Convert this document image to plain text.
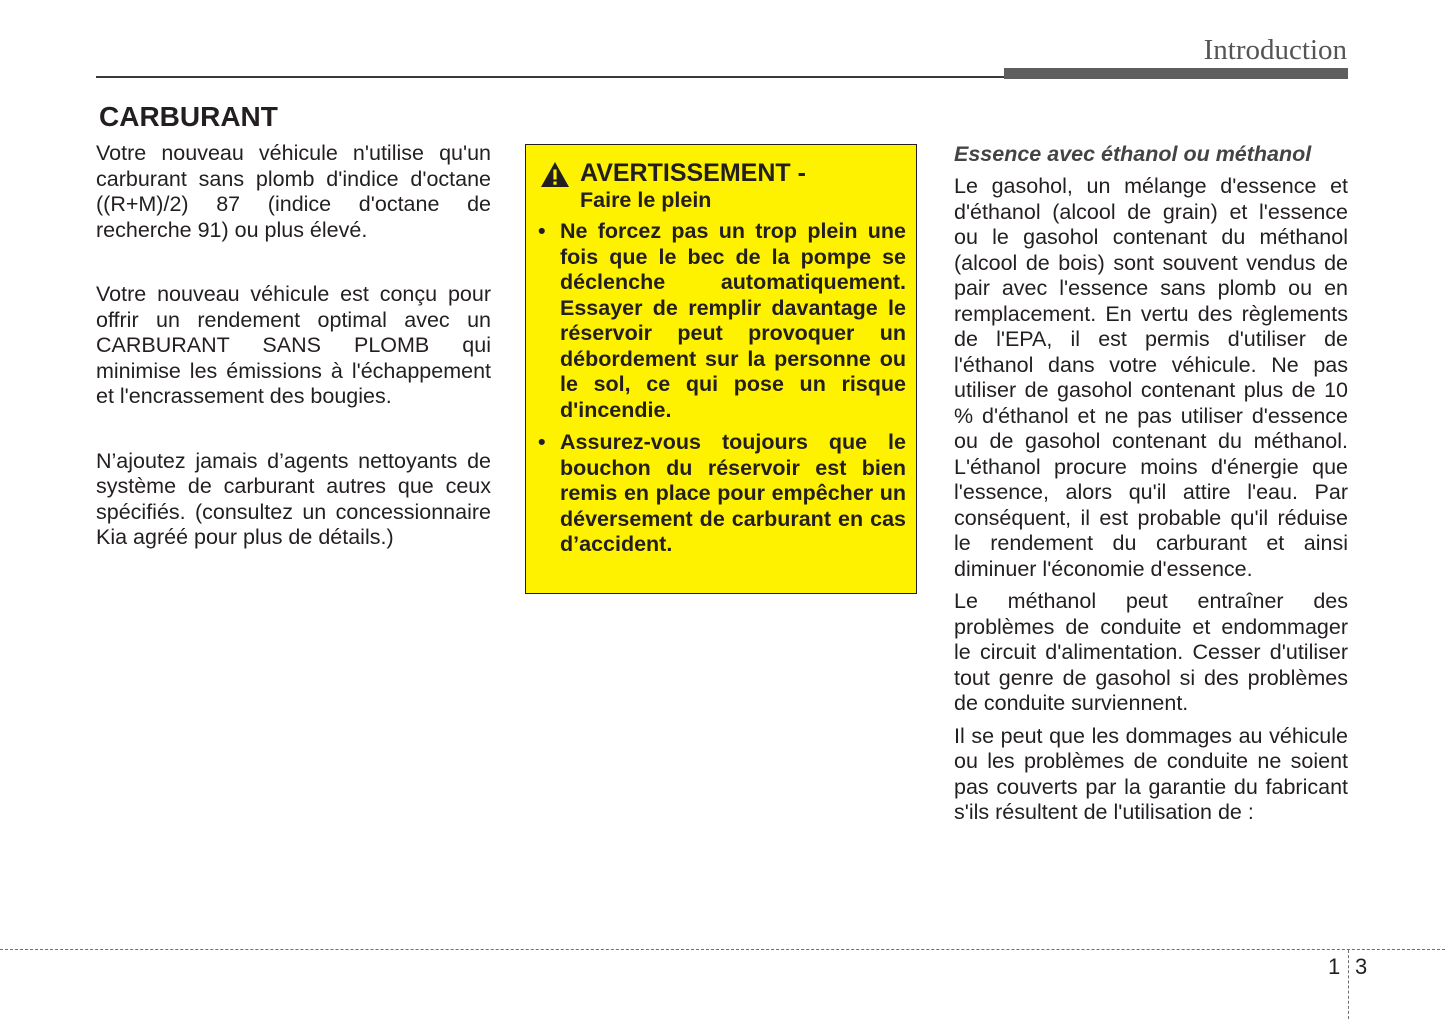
Introduction
CARBURANT

Votre nouveau véhicule n'utilise qu'un carburant sans plomb d'indice d'octane ((R+M)/2) 87 (indice d'octane de recherche 91) ou plus élevé.

Votre nouveau véhicule est conçu pour offrir un rendement optimal avec un CARBURANT SANS PLOMB qui minimise les émissions à l'échappement et l'encrassement des bougies.

N’ajoutez jamais d’agents nettoyants de système de carburant autres que ceux spécifiés. (consultez un concessionnaire Kia agréé pour plus de détails.)

AVERTISSEMENT -
Faire le plein
• Ne forcez pas un trop plein une fois que le bec de la pompe se déclenche automatiquement. Essayer de remplir davantage le réservoir peut provoquer un débordement sur la personne ou le sol, ce qui pose un risque d'incendie.
• Assurez-vous toujours que le bouchon du réservoir est bien remis en place pour empêcher un déversement de carburant en cas d’accident.
Essence avec éthanol ou méthanol

Le gasohol, un mélange d'essence et d'éthanol (alcool de grain) et l'essence ou le gasohol contenant du méthanol (alcool de bois) sont souvent vendus de pair avec l'essence sans plomb ou en remplacement. En vertu des règlements de l'EPA, il est permis d'utiliser de l'éthanol dans votre véhicule. Ne pas utiliser de gasohol contenant plus de 10 % d'éthanol et ne pas utiliser d'essence ou de gasohol contenant du méthanol. L'éthanol procure moins d'énergie que l'essence, alors qu'il attire l'eau. Par conséquent, il est probable qu'il réduise le rendement du carburant et ainsi diminuer l'économie d'essence.

Le méthanol peut entraîner des problèmes de conduite et endommager le circuit d'alimentation. Cesser d'utiliser tout genre de gasohol si des problèmes de conduite surviennent.

Il se peut que les dommages au véhicule ou les problèmes de conduite ne soient pas couverts par la garantie du fabricant s'ils résultent de l'utilisation de :

1 3
